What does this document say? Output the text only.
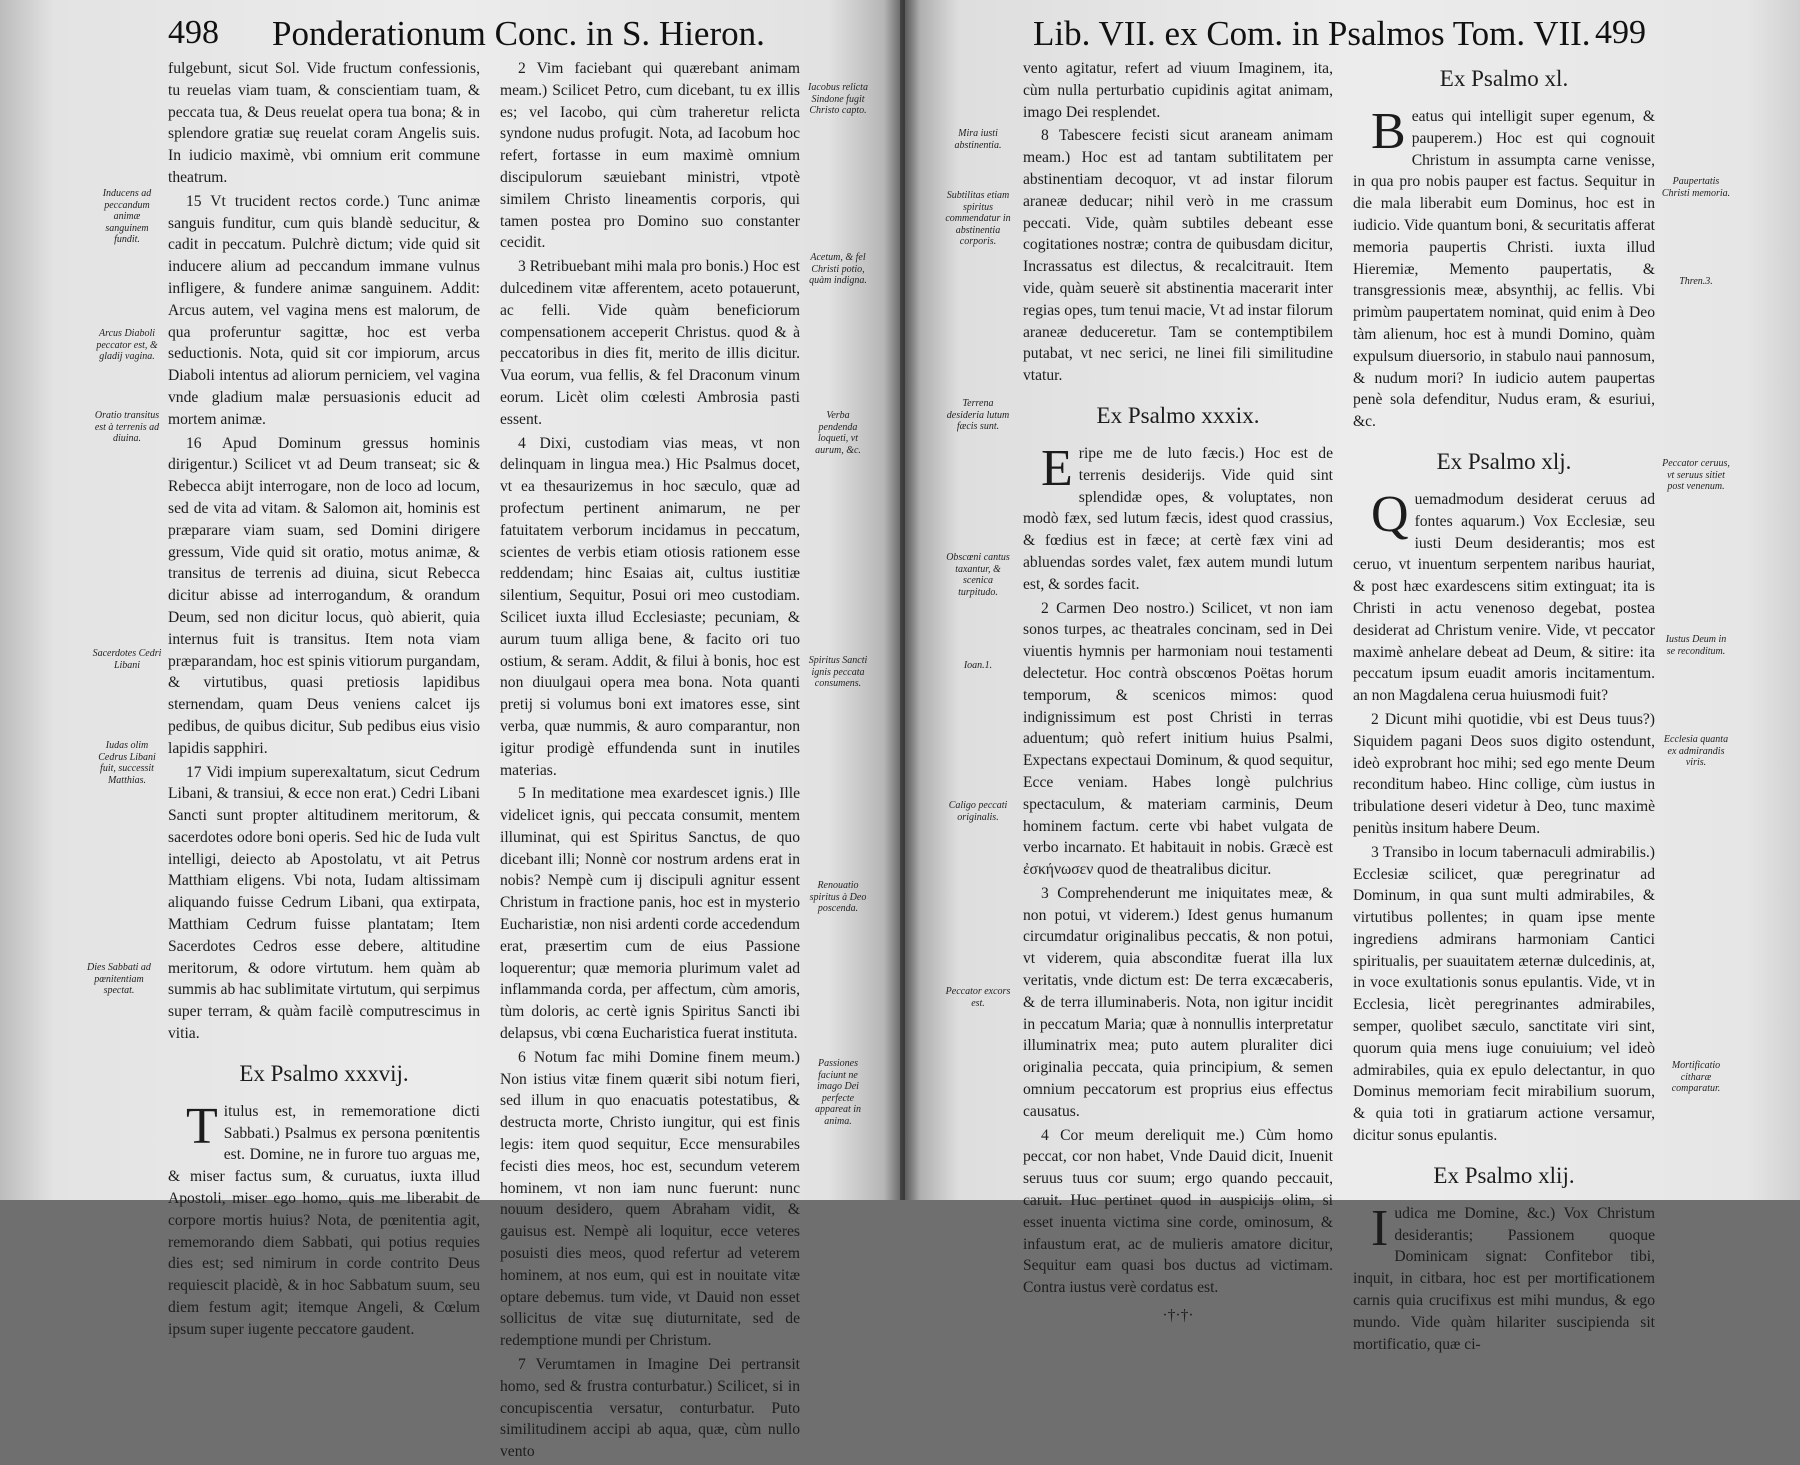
498 Ponderationum Conc. in S. Hieron.

fulgebunt, sicut Sol. Vide fructum confessionis, tu reuelas viam tuam, & conscientiam tuam, & peccata tua, & Deus reuelat opera tua bona; & in splendore gratiæ suę reuelat coram Angelis suis. In iudicio maximè, vbi omnium erit commune theatrum.

15 Vt trucident rectos corde.) Tunc animæ sanguis funditur, cum quis blandè seducitur, & cadit in peccatum. Pulchrè dictum; vide quid sit inducere alium ad peccandum immane vulnus infligere, & fundere animæ sanguinem. Addit: Arcus autem, vel vagina mens est malorum, de qua proferuntur sagittæ, hoc est verba seductionis. Nota, quid sit cor impiorum, arcus Diaboli intentus ad aliorum perniciem, vel vagina vnde gladium malæ persuasionis educit ad mortem animæ.

16 Apud Dominum gressus hominis dirigentur.) Scilicet vt ad Deum transeat; sic & Rebecca abijt interrogare, non de loco ad locum, sed de vita ad vitam. & Salomon ait, hominis est præparare viam suam, sed Domini dirigere gressum, Vide quid sit oratio, motus animæ, & transitus de terrenis ad diuina, sicut Rebecca dicitur abisse ad interrogandum, & orandum Deum, sed non dicitur locus, quò abierit, quia internus fuit is transitus. Item nota viam præparandam, hoc est spinis vitiorum purgandam, & virtutibus, quasi pretiosis lapidibus sternendam, quam Deus veniens calcet ijs pedibus, de quibus dicitur, Sub pedibus eius visio lapidis sapphiri.

17 Vidi impium superexaltatum, sicut Cedrum Libani, & transiui, & ecce non erat.) Cedri Libani Sancti sunt propter altitudinem meritorum, & sacerdotes odore boni operis. Sed hic de Iuda vult intelligi, deiecto ab Apostolatu, vt ait Petrus Matthiam eligens. Vbi nota, Iudam altissimam aliquando fuisse Cedrum Libani, qua extirpata, Matthiam Cedrum fuisse plantatam; Item Sacerdotes Cedros esse debere, altitudine meritorum, & odore virtutum. hem quàm ab summis ab hac sublimitate virtutum, qui serpimus super terram, & quàm facilè computrescimus in vitia.

Ex Psalmo xxxvij.

Titulus est, in rememoratione dicti Sabbati.) Psalmus ex persona pœnitentis est. Domine, ne in furore tuo arguas me, & miser factus sum, & curuatus, iuxta illud Apostoli, miser ego homo, quis me liberabit de corpore mortis huius? Nota, de pœnitentia agit, rememorando diem Sabbati, qui potius requies dies est; sed nimirum in corde contrito Deus requiescit placidè, & in hoc Sabbatum suum, seu diem festum agit; itemque Angeli, & Cœlum ipsum super iugente peccatore gaudent.

2 Vim faciebant qui quærebant animam meam.) Scilicet Petro, cum dicebant, tu ex illis es; vel Iacobo, qui cùm traheretur relicta syndone nudus profugit. Nota, ad Iacobum hoc refert, fortasse in eum maximè omnium discipulorum sæuiebant ministri, vtpotè similem Christo lineamentis corporis, qui tamen postea pro Domino suo constanter cecidit.

3 Retribuebant mihi mala pro bonis.) Hoc est dulcedinem vitæ afferentem, aceto potauerunt, ac felli. Vide quàm beneficiorum compensationem acceperit Christus. quod & à peccatoribus in dies fit, merito de illis dicitur. Vua eorum, vua fellis, & fel Draconum vinum eorum. Licèt olim cœlesti Ambrosia pasti essent.

4 Dixi, custodiam vias meas, vt non delinquam in lingua mea.) Hic Psalmus docet, vt ea thesaurizemus in hoc sæculo, quæ ad profectum pertinent animarum, ne per fatuitatem verborum incidamus in peccatum, scientes de verbis etiam otiosis rationem esse reddendam; hinc Esaias ait, cultus iustitiæ silentium, Sequitur, Posui ori meo custodiam. Scilicet iuxta illud Ecclesiaste; pecuniam, & aurum tuum alliga bene, & facito ori tuo ostium, & seram. Addit, & filui à bonis, hoc est non diuulgaui opera mea bona. Nota quanti pretij si volumus boni ext imatores esse, sint verba, quæ nummis, & auro comparantur, non igitur prodigè effundenda sunt in inutiles materias.

5 In meditatione mea exardescet ignis.) Ille videlicet ignis, qui peccata consumit, mentem illuminat, qui est Spiritus Sanctus, de quo dicebant illi; Nonnè cor nostrum ardens erat in nobis? Nempè cum ij discipuli agnitur essent Christum in fractione panis, hoc est in mysterio Eucharistiæ, non nisi ardenti corde accedendum erat, præsertim cum de eius Passione loquerentur; quæ memoria plurimum valet ad inflammanda corda, per affectum, cùm amoris, tùm doloris, ac certè ignis Spiritus Sancti ibi delapsus, vbi cœna Eucharistica fuerat instituta.

6 Notum fac mihi Domine finem meum.) Non istius vitæ finem quærit sibi notum fieri, sed illum in quo enacuatis potestatibus, & destructa morte, Christo iungitur, qui est finis legis: item quod sequitur, Ecce mensurabiles fecisti dies meos, hoc est, secundum veterem hominem, vt non iam nunc fuerunt: nunc nouum desidero, quem Abraham vidit, & gauisus est. Nempè ali loquitur, ecce veteres posuisti dies meos, quod refertur ad veterem hominem, at nos eum, qui est in nouitate vitæ optare debemus. tum vide, vt Dauid non esset sollicitus de vitæ suę diuturnitate, sed de redemptione mundi per Christum.

7 Verumtamen in Imagine Dei pertransit homo, sed & frustra conturbatur.) Scilicet, si in concupiscentia versatur, conturbatur. Puto similitudinem accipi ab aqua, quæ, cùm nullo vento

Inducens ad peccandum animæ sanguinem fundit.
Arcus Diaboli peccator est, & gladij vagina.
Oratio transitus est à terrenis ad diuina.
Sacerdotes Cedri Libani
Iudas olim Cedrus Libani fuit, successit Matthias.
Dies Sabbati ad pœnitentiam spectat.
Iacobus relicta Sindone fugit Christo capto.
Acetum, & fel Christi potio, quàm indigna.
Verba pendenda loqueti, vt aurum, &c.
Spiritus Sancti ignis peccata consumens.
Renouatio spiritus à Deo poscenda.
Passiones faciunt ne imago Dei perfecte appareat in anima.
Lib. VII. ex Com. in Psalmos Tom. VII. 499

vento agitatur, refert ad viuum Imaginem, ita, cùm nulla perturbatio cupidinis agitat animam, imago Dei resplendet.

8 Tabescere fecisti sicut araneam animam meam.) Hoc est ad tantam subtilitatem per abstinentiam decoquor, vt ad instar filorum araneæ deducar; nihil verò in me crassum peccati. Vide, quàm subtiles debeant esse cogitationes nostræ; contra de quibusdam dicitur, Incrassatus est dilectus, & recalcitrauit. Item vide, quàm seuerè sit abstinentia macerarit inter regias opes, tum tenui macie, Vt ad instar filorum araneæ deduceretur. Tam se contemptibilem putabat, vt nec serici, ne linei fili similitudine vtatur.

Ex Psalmo xxxix.

Eripe me de luto fæcis.) Hoc est de terrenis desiderijs. Vide quid sint splendidæ opes, & voluptates, non modò fæx, sed lutum fæcis, idest quod crassius, & fœdius est in fæce; at certè fæx vini ad abluendas sordes valet, fæx autem mundi lutum est, & sordes facit.

2 Carmen Deo nostro.) Scilicet, vt non iam sonos turpes, ac theatrales concinam, sed in Dei viuentis hymnis per harmoniam noui testamenti delectetur. Hoc contrà obscœnos Poëtas horum temporum, & scenicos mimos: quod indignissimum est post Christi in terras aduentum; quò refert initium huius Psalmi, Expectans expectaui Dominum, & quod sequitur, Ecce veniam. Habes longè pulchrius spectaculum, & materiam carminis, Deum hominem factum. certe vbi habet vulgata de verbo incarnato. Et habitauit in nobis. Græcè est ἐσκήνωσεν quod de theatralibus dicitur.

3 Comprehenderunt me iniquitates meæ, & non potui, vt viderem.) Idest genus humanum circumdatur originalibus peccatis, & non potui, vt viderem, quia absconditæ fuerat illa lux veritatis, vnde dictum est: De terra excæcaberis, & de terra illuminaberis. Nota, non igitur incidit in peccatum Maria; quæ à nonnullis interpretatur illuminatrix mea; puto autem pluraliter dici originalia peccata, quia principium, & semen omnium peccatorum est proprius eius effectus causatus.

4 Cor meum dereliquit me.) Cùm homo peccat, cor non habet, Vnde Dauid dicit, Inuenit seruus tuus cor suum; ergo quando peccauit, caruit. Huc pertinet quod in auspicijs olim, si esset inuenta victima sine corde, ominosum, & infaustum erat, ac de mulieris amatore dicitur, Sequitur eam quasi bos ductus ad victimam. Contra iustus verè cordatus est.

·†·†·
Ex Psalmo xl.

Beatus qui intelligit super egenum, & pauperem.) Hoc est qui cognouit Christum in assumpta carne venisse, in qua pro nobis pauper est factus. Sequitur in die mala liberabit eum Dominus, hoc est in iudicio. Vide quantum boni, & securitatis afferat memoria paupertis Christi. iuxta illud Hieremiæ, Memento paupertatis, & transgressionis meæ, absynthij, ac fellis. Vbi primùm paupertatem nominat, quid enim à Deo tàm alienum, hoc est à mundi Domino, quàm expulsum diuersorio, in stabulo naui pannosum, & nudum mori? In iudicio autem paupertas penè sola defenditur, Nudus eram, & esuriui, &c.

Ex Psalmo xlj.

Quemadmodum desiderat ceruus ad fontes aquarum.) Vox Ecclesiæ, seu iusti Deum desiderantis; mos est ceruo, vt inuentum serpentem naribus hauriat, & post hæc exardescens sitim extinguat; ita is Christi in actu venenoso degebat, postea desiderat ad Christum venire. Vide, vt peccator maximè anhelare debeat ad Deum, & sitire: ita peccatum ipsum euadit amoris incitamentum. an non Magdalena cerua huiusmodi fuit?

2 Dicunt mihi quotidie, vbi est Deus tuus?) Siquidem pagani Deos suos digito ostendunt, ideò exprobrant hoc mihi; sed ego mente Deum reconditum habeo. Hinc collige, cùm iustus in tribulatione deseri videtur à Deo, tunc maximè penitùs insitum habere Deum.

3 Transibo in locum tabernaculi admirabilis.) Ecclesiæ scilicet, quæ peregrinatur ad Dominum, in qua sunt multi admirabiles, & virtutibus pollentes; in quam ipse mente ingrediens admirans harmoniam Cantici spiritualis, per suauitatem æternæ dulcedinis, at, in voce exultationis sonus epulantis. Vide, vt in Ecclesia, licèt peregrinantes admirabiles, semper, quolibet sæculo, sanctitate viri sint, quorum quia mens iuge conuiuium; vel ideò admirabiles, quia ex epulo delectantur, in quo Dominus memoriam fecit mirabilium suorum, & quia toti in gratiarum actione versamur, dicitur sonus epulantis.

Ex Psalmo xlij.

Iudica me Domine, &c.) Vox Christum desiderantis; Passionem quoque Dominicam signat: Confitebor tibi, inquit, in citbara, hoc est per mortificationem carnis quia crucifixus est mihi mundus, & ego mundo. Vide quàm hilariter suscipienda sit mortificatio, quæ ci-

Mira iusti abstinentia.
Subtilitas etiam spiritus commendatur in abstinentia corporis.
Terrena desideria lutum fæcis sunt.
Obscœni cantus taxantur, & scenica turpitudo.
Ioan.1.
Caligo peccati originalis.
Peccator excors est.
Paupertatis Christi memoria.
Thren.3.
Peccator ceruus, vt seruus sitiet post venenum.
Iustus Deum in se reconditum.
Ecclesia quanta ex admirandis viris.
Mortificatio citharæ comparatur.
